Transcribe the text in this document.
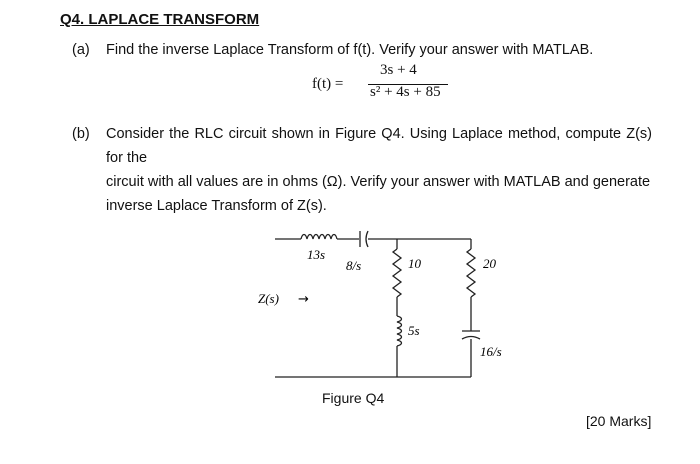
Q4. LAPLACE TRANSFORM
(a) Find the inverse Laplace Transform of f(t). Verify your answer with MATLAB.
f(t) =
3s + 4
s² + 4s + 85
(b) Consider the RLC circuit shown in Figure Q4. Using Laplace method, compute Z(s) for the
circuit with all values are in ohms (Ω). Verify your answer with MATLAB and generate
inverse Laplace Transform of Z(s).
13s
8/s	10	20
5s
16/s
Z(s) →
Figure Q4
[20 Marks]
